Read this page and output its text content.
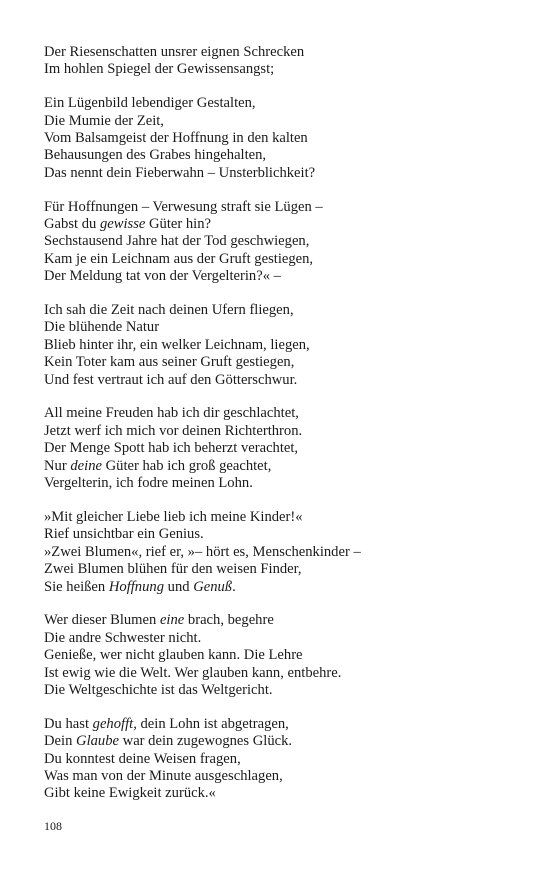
Der Riesenschatten unsrer eignen Schrecken
Im hohlen Spiegel der Gewissensangst;
Ein Lügenbild lebendiger Gestalten,
Die Mumie der Zeit,
Vom Balsamgeist der Hoffnung in den kalten
Behausungen des Grabes hingehalten,
Das nennt dein Fieberwahn – Unsterblichkeit?
Für Hoffnungen – Verwesung straft sie Lügen –
Gabst du gewisse Güter hin?
Sechstausend Jahre hat der Tod geschwiegen,
Kam je ein Leichnam aus der Gruft gestiegen,
Der Meldung tat von der Vergelterin?« –
Ich sah die Zeit nach deinen Ufern fliegen,
Die blühende Natur
Blieb hinter ihr, ein welker Leichnam, liegen,
Kein Toter kam aus seiner Gruft gestiegen,
Und fest vertraut ich auf den Götterschwur.
All meine Freuden hab ich dir geschlachtet,
Jetzt werf ich mich vor deinen Richterthron.
Der Menge Spott hab ich beherzt verachtet,
Nur deine Güter hab ich groß geachtet,
Vergelterin, ich fodre meinen Lohn.
»Mit gleicher Liebe lieb ich meine Kinder!«
Rief unsichtbar ein Genius.
»Zwei Blumen«, rief er, »– hört es, Menschenkinder –
Zwei Blumen blühen für den weisen Finder,
Sie heißen Hoffnung und Genuß.
Wer dieser Blumen eine brach, begehre
Die andre Schwester nicht.
Genieße, wer nicht glauben kann. Die Lehre
Ist ewig wie die Welt. Wer glauben kann, entbehre.
Die Weltgeschichte ist das Weltgericht.
Du hast gehofft, dein Lohn ist abgetragen,
Dein Glaube war dein zugewognes Glück.
Du konntest deine Weisen fragen,
Was man von der Minute ausgeschlagen,
Gibt keine Ewigkeit zurück.«
108
